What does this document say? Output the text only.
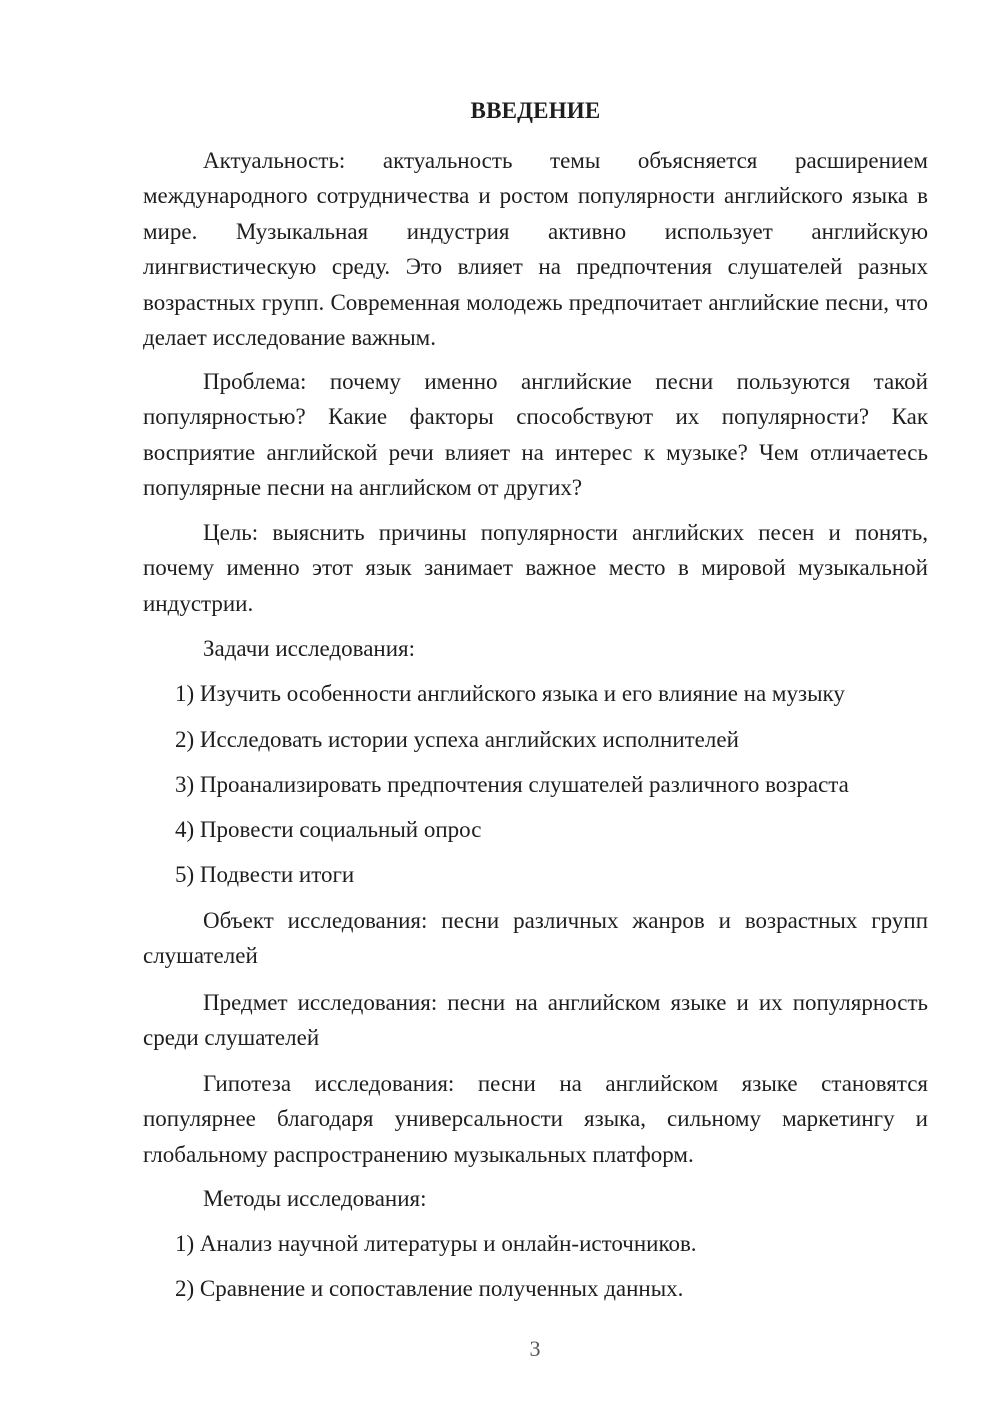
ВВЕДЕНИЕ

Актуальность: актуальность темы объясняется расширением международного сотрудничества и ростом популярности английского языка в мире. Музыкальная индустрия активно использует английскую лингвистическую среду. Это влияет на предпочтения слушателей разных возрастных групп. Современная молодежь предпочитает английские песни, что делает исследование важным.

Проблема: почему именно английские песни пользуются такой популярностью? Какие факторы способствуют их популярности? Как восприятие английской речи влияет на интерес к музыке? Чем отличаетесь популярные песни на английском от других?

Цель: выяснить причины популярности английских песен и понять, почему именно этот язык занимает важное место в мировой музыкальной индустрии.

Задачи исследования:

1) Изучить особенности английского языка и его влияние на музыку

2) Исследовать истории успеха английских исполнителей

3) Проанализировать предпочтения слушателей различного возраста

4) Провести социальный опрос

5) Подвести итоги

Объект исследования: песни различных жанров и возрастных групп слушателей

Предмет исследования: песни на английском языке и их популярность среди слушателей

Гипотеза исследования: песни на английском языке становятся популярнее благодаря универсальности языка, сильному маркетингу и глобальному распространению музыкальных платформ.

Методы исследования:

1) Анализ научной литературы и онлайн-источников.

2) Сравнение и сопоставление полученных данных.

3
